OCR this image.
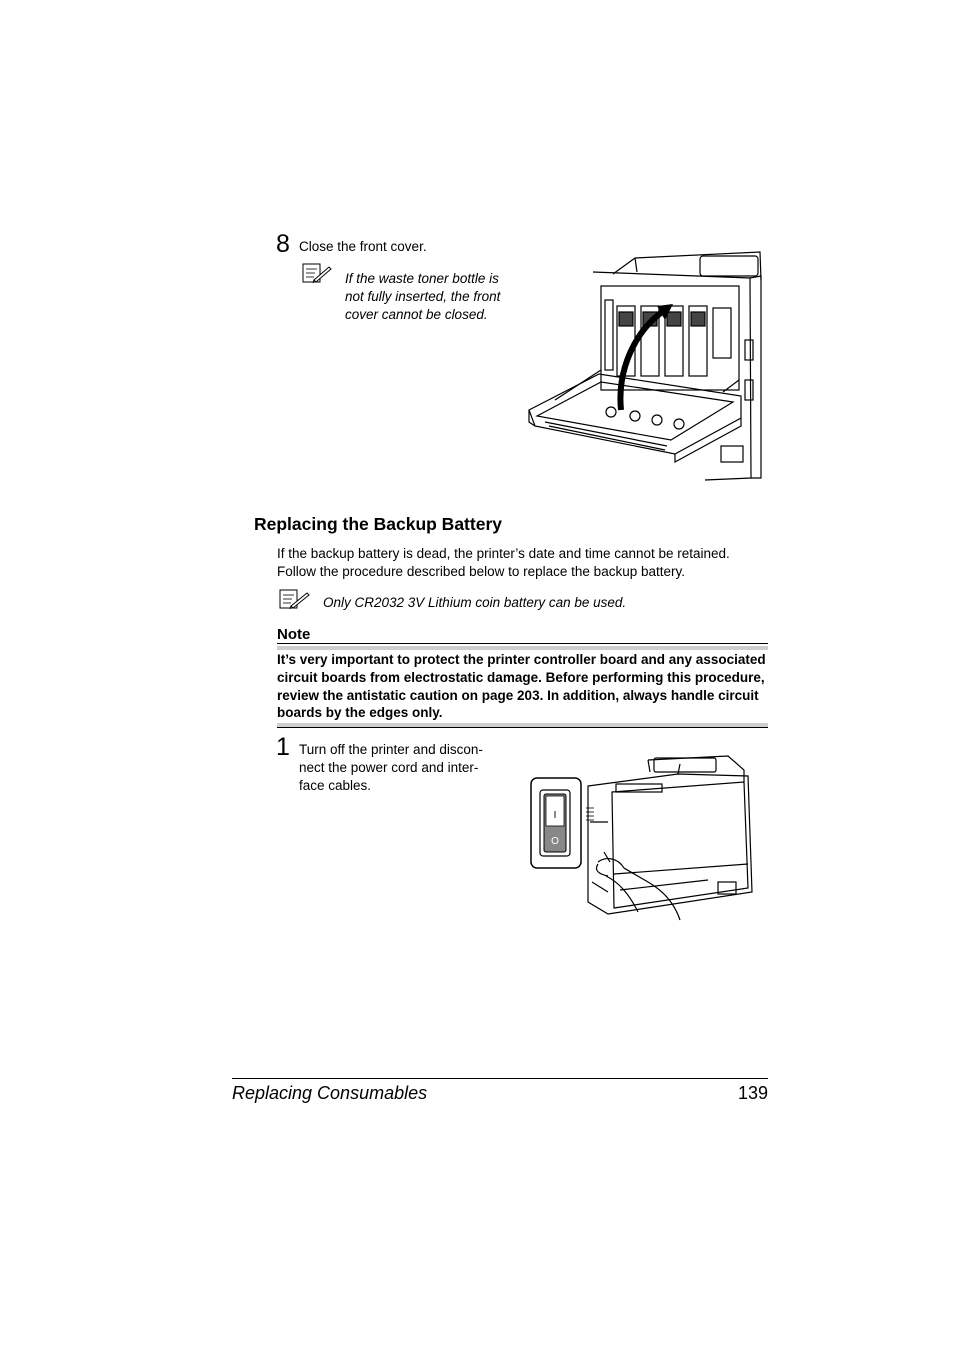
8 Close the front cover.
If the waste toner bottle is not fully inserted, the front cover cannot be closed.
Replacing the Backup Battery
If the backup battery is dead, the printer’s date and time cannot be retained. Follow the procedure described below to replace the backup battery.
Only CR2032 3V Lithium coin battery can be used.
Note
It’s very important to protect the printer controller board and any associated circuit boards from electrostatic damage. Before performing this procedure, review the antistatic caution on page 203. In addition, always handle circuit boards by the edges only.
1 Turn off the printer and discon-nect the power cord and inter-face cables.
I
O
Replacing Consumables	139
